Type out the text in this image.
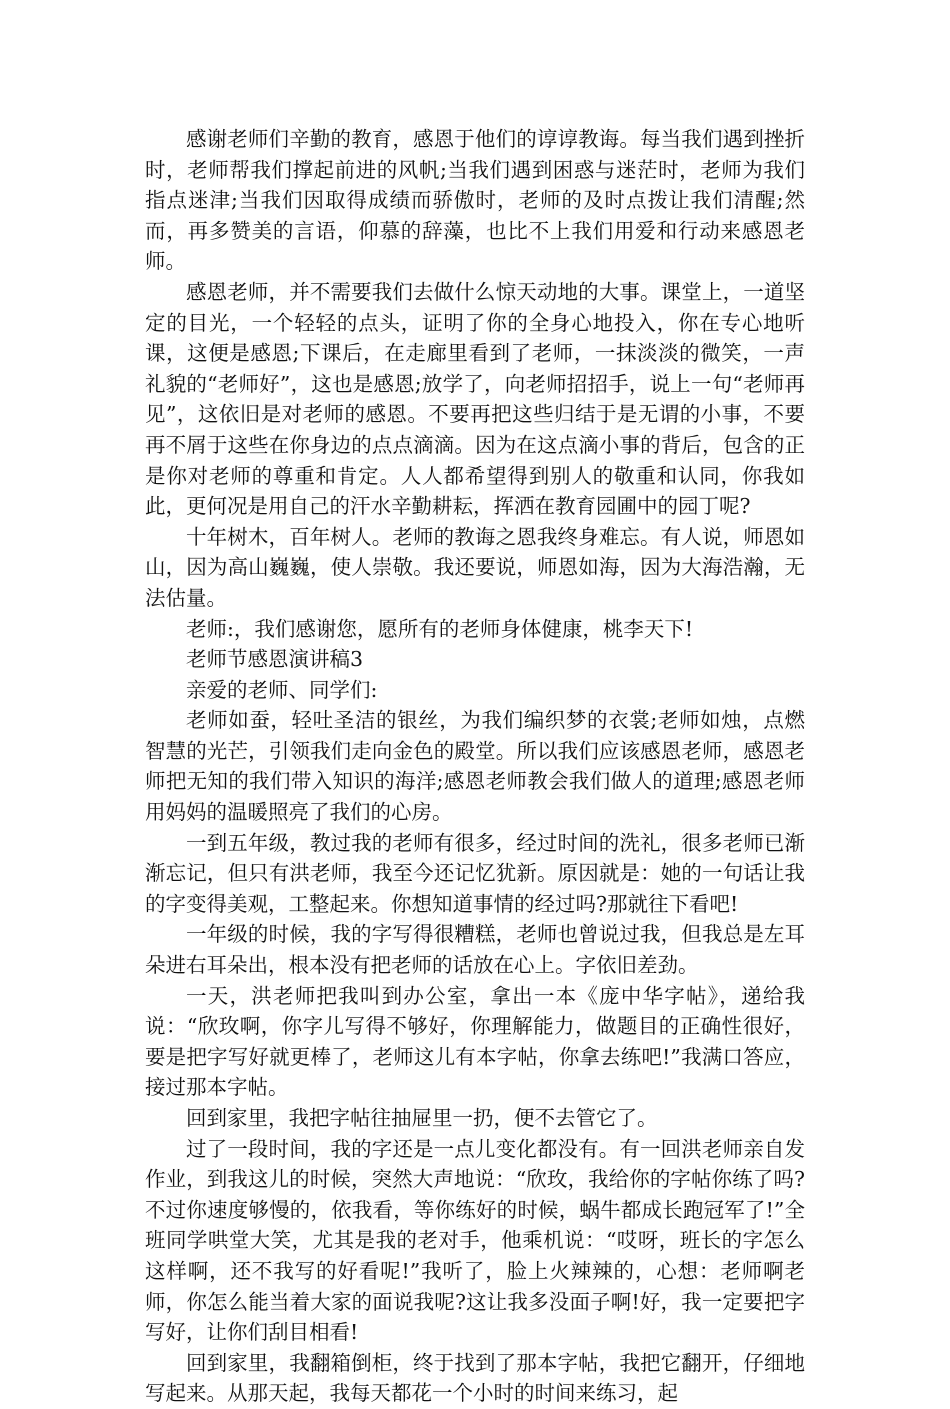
感谢老师们辛勤的教育，感恩于他们的谆谆教诲。每当我们遇到挫折时，老师帮我们撑起前进的风帆;当我们遇到困惑与迷茫时，老师为我们指点迷津;当我们因取得成绩而骄傲时，老师的及时点拨让我们清醒;然而，再多赞美的言语，仰慕的辞藻，也比不上我们用爱和行动来感恩老师。

感恩老师，并不需要我们去做什么惊天动地的大事。课堂上，一道坚定的目光，一个轻轻的点头，证明了你的全身心地投入，你在专心地听课，这便是感恩;下课后，在走廊里看到了老师，一抹淡淡的微笑，一声礼貌的“老师好”，这也是感恩;放学了，向老师招招手，说上一句“老师再见”，这依旧是对老师的感恩。不要再把这些归结于是无谓的小事，不要再不屑于这些在你身边的点点滴滴。因为在这点滴小事的背后，包含的正是你对老师的尊重和肯定。人人都希望得到别人的敬重和认同，你我如此，更何况是用自己的汗水辛勤耕耘，挥洒在教育园圃中的园丁呢?

十年树木，百年树人。老师的教诲之恩我终身难忘。有人说，师恩如山，因为高山巍巍，使人崇敬。我还要说，师恩如海，因为大海浩瀚，无法估量。

老师:，我们感谢您，愿所有的老师身体健康，桃李天下!

老师节感恩演讲稿3

亲爱的老师、同学们:

老师如蚕，轻吐圣洁的银丝，为我们编织梦的衣裳;老师如烛，点燃智慧的光芒，引领我们走向金色的殿堂。所以我们应该感恩老师，感恩老师把无知的我们带入知识的海洋;感恩老师教会我们做人的道理;感恩老师用妈妈的温暖照亮了我们的心房。

一到五年级，教过我的老师有很多，经过时间的洗礼，很多老师已渐渐忘记，但只有洪老师，我至今还记忆犹新。原因就是：她的一句话让我的字变得美观，工整起来。你想知道事情的经过吗?那就往下看吧!

一年级的时候，我的字写得很糟糕，老师也曾说过我，但我总是左耳朵进右耳朵出，根本没有把老师的话放在心上。字依旧差劲。

一天，洪老师把我叫到办公室，拿出一本《庞中华字帖》，递给我说：“欣玫啊，你字儿写得不够好，你理解能力，做题目的正确性很好，要是把字写好就更棒了，老师这儿有本字帖，你拿去练吧!”我满口答应，接过那本字帖。

回到家里，我把字帖往抽屉里一扔，便不去管它了。

过了一段时间，我的字还是一点儿变化都没有。有一回洪老师亲自发作业，到我这儿的时候，突然大声地说：“欣玫，我给你的字帖你练了吗?不过你速度够慢的，依我看，等你练好的时候，蜗牛都成长跑冠军了!”全班同学哄堂大笑，尤其是我的老对手，他乘机说：“哎呀，班长的字怎么这样啊，还不我写的好看呢!”我听了，脸上火辣辣的，心想：老师啊老师，你怎么能当着大家的面说我呢?这让我多没面子啊!好，我一定要把字写好，让你们刮目相看!

回到家里，我翻箱倒柜，终于找到了那本字帖，我把它翻开，仔细地写起来。从那天起，我每天都花一个小时的时间来练习，起
